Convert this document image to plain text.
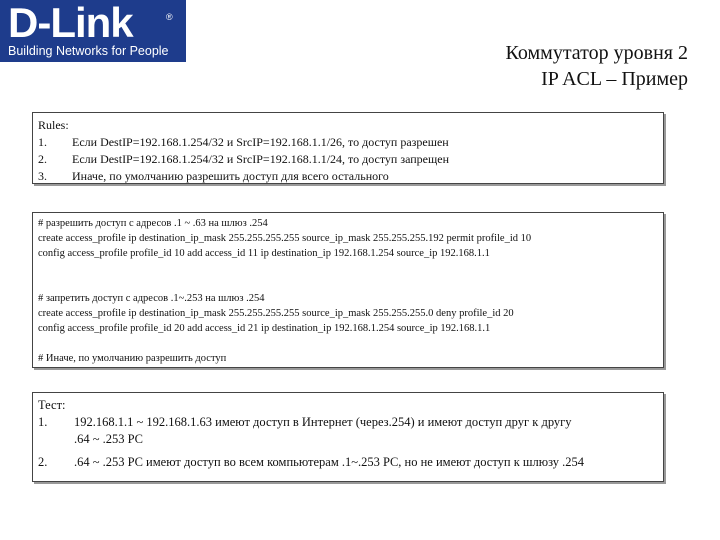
D-Link	®
Building Networks for People	Коммутатор уровня 2
IP ACL – Пример
Rules:
1.	Если DestIP=192.168.1.254/32 и SrcIP=192.168.1.1/26, то доступ разрешен
2.	Если DestIP=192.168.1.254/32 и SrcIP=192.168.1.1/24, то доступ запрещен
3.	Иначе, по умолчанию разрешить доступ для всего остального
# разрешить доступ с адресов .1 ~ .63 на шлюз .254
create access_profile ip destination_ip_mask 255.255.255.255 source_ip_mask 255.255.255.192 permit profile_id 10
config access_profile profile_id 10 add access_id 11 ip destination_ip 192.168.1.254 source_ip 192.168.1.1
# запретить доступ с адресов .1~.253 на шлюз .254
create access_profile ip destination_ip_mask 255.255.255.255 source_ip_mask 255.255.255.0 deny profile_id 20
config access_profile profile_id 20 add access_id 21 ip destination_ip 192.168.1.254 source_ip 192.168.1.1
# Иначе, по умолчанию разрешить доступ
Тест:
1.	192.168.1.1 ~ 192.168.1.63 имеют доступ в Интернет (через.254) и имеют доступ друг к другу
.64 ~ .253 PC
2.	.64 ~ .253 PC имеют доступ во всем компьютерам .1~.253 PC, но не имеют доступ к шлюзу .254
